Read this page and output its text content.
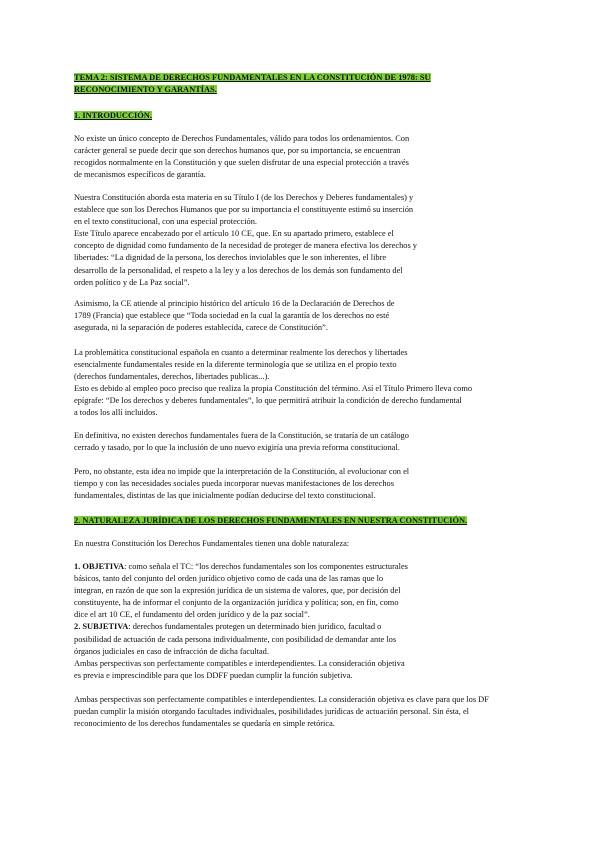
TEMA 2: SISTEMA DE DERECHOS FUNDAMENTALES EN LA CONSTITUCIÓN DE 1978: SU
RECONOCIMIENTO Y GARANTÍAS.
1. INTRODUCCIÓN.
No existe un único concepto de Derechos Fundamentales, válido para todos los ordenamientos. Con
carácter general se puede decir que son derechos humanos que, por su importancia, se encuentran
recogidos normalmente en la Constitución y que suelen disfrutar de una especial protección a través
de mecanismos específicos de garantía.
Nuestra Constitución aborda esta materia en su Título I (de los Derechos y Deberes fundamentales) y
establece que son los Derechos Humanos que por su importancia el constituyente estimó su inserción
en el texto constitucional, con una especial protección.
Este Título aparece encabezado por el artículo 10 CE, que. En su apartado primero, establece el
concepto de dignidad como fundamento de la necesidad de proteger de manera efectiva los derechos y
libertades: “La dignidad de la persona, los derechos inviolables que le son inherentes, el libre
desarrollo de la personalidad, el respeto a la ley y a los derechos de los demás son fundamento del
orden político y de La Paz social”.
Asimismo, la CE atiende al principio histórico del artículo 16 de la Declaración de Derechos de
1789 (Francia) que establece que “Toda sociedad en la cual la garantía de los derechos no esté
asegurada, ni la separación de poderes establecida, carece de Constitución”.
La problemática constitucional española en cuanto a determinar realmente los derechos y libertades
esencialmente fundamentales reside en la diferente terminología que se utiliza en el propio texto
(derechos fundamentales, derechos, libertades publicas...).
Esto es debido al empleo poco preciso que realiza la propia Constitución del término. Así el Título Primero lleva como
epígrafe: “De los derechos y deberes fundamentales”, lo que permitirá atribuir la condición de derecho fundamental
a todos los allí incluidos.
En definitiva, no existen derechos fundamentales fuera de la Constitución, se trataría de un catálogo
cerrado y tasado, por lo que la inclusión de uno nuevo exigiría una previa reforma constitucional.
Pero, no obstante, esta idea no impide que la interpretación de la Constitución, al evolucionar con el
tiempo y con las necesidades sociales pueda incorporar nuevas manifestaciones de los derechos
fundamentales, distintas de las que inicialmente podían deducirse del texto constitucional.
2. NATURALEZA JURÍDICA DE LOS DERECHOS FUNDAMENTALES EN NUESTRA CONSTITUCIÓN.
En nuestra Constitución los Derechos Fundamentales tienen una doble naturaleza:
1. OBJETIVA: como señala el TC: “los derechos fundamentales son los componentes estructurales
básicos, tanto del conjunto del orden jurídico objetivo como de cada una de las ramas que lo
integran, en razón de que son la expresión jurídica de un sistema de valores, que, por decisión del
constituyente, ha de informar el conjunto de la organización jurídica y política; son, en fin, como
dice el art 10 CE, el fundamento del orden jurídico y de la paz social”.
2. SUBJETIVA: derechos fundamentales protegen un determinado bien jurídico, facultad o
posibilidad de actuación de cada persona individualmente, con posibilidad de demandar ante los
órganos judiciales en caso de infracción de dicha facultad.
Ambas perspectivas son perfectamente compatibles e interdependientes. La consideración objetiva
es previa e imprescindible para que los DDFF puedan cumplir la función subjetiva.
Ambas perspectivas son perfectamente compatibles e interdependientes. La consideración objetiva es clave para que los DF
puedan cumplir la misión otorgando facultades individuales, posibilidades jurídicas de actuación personal. Sin ésta, el
reconocimiento de los derechos fundamentales se quedaría en simple retórica.
